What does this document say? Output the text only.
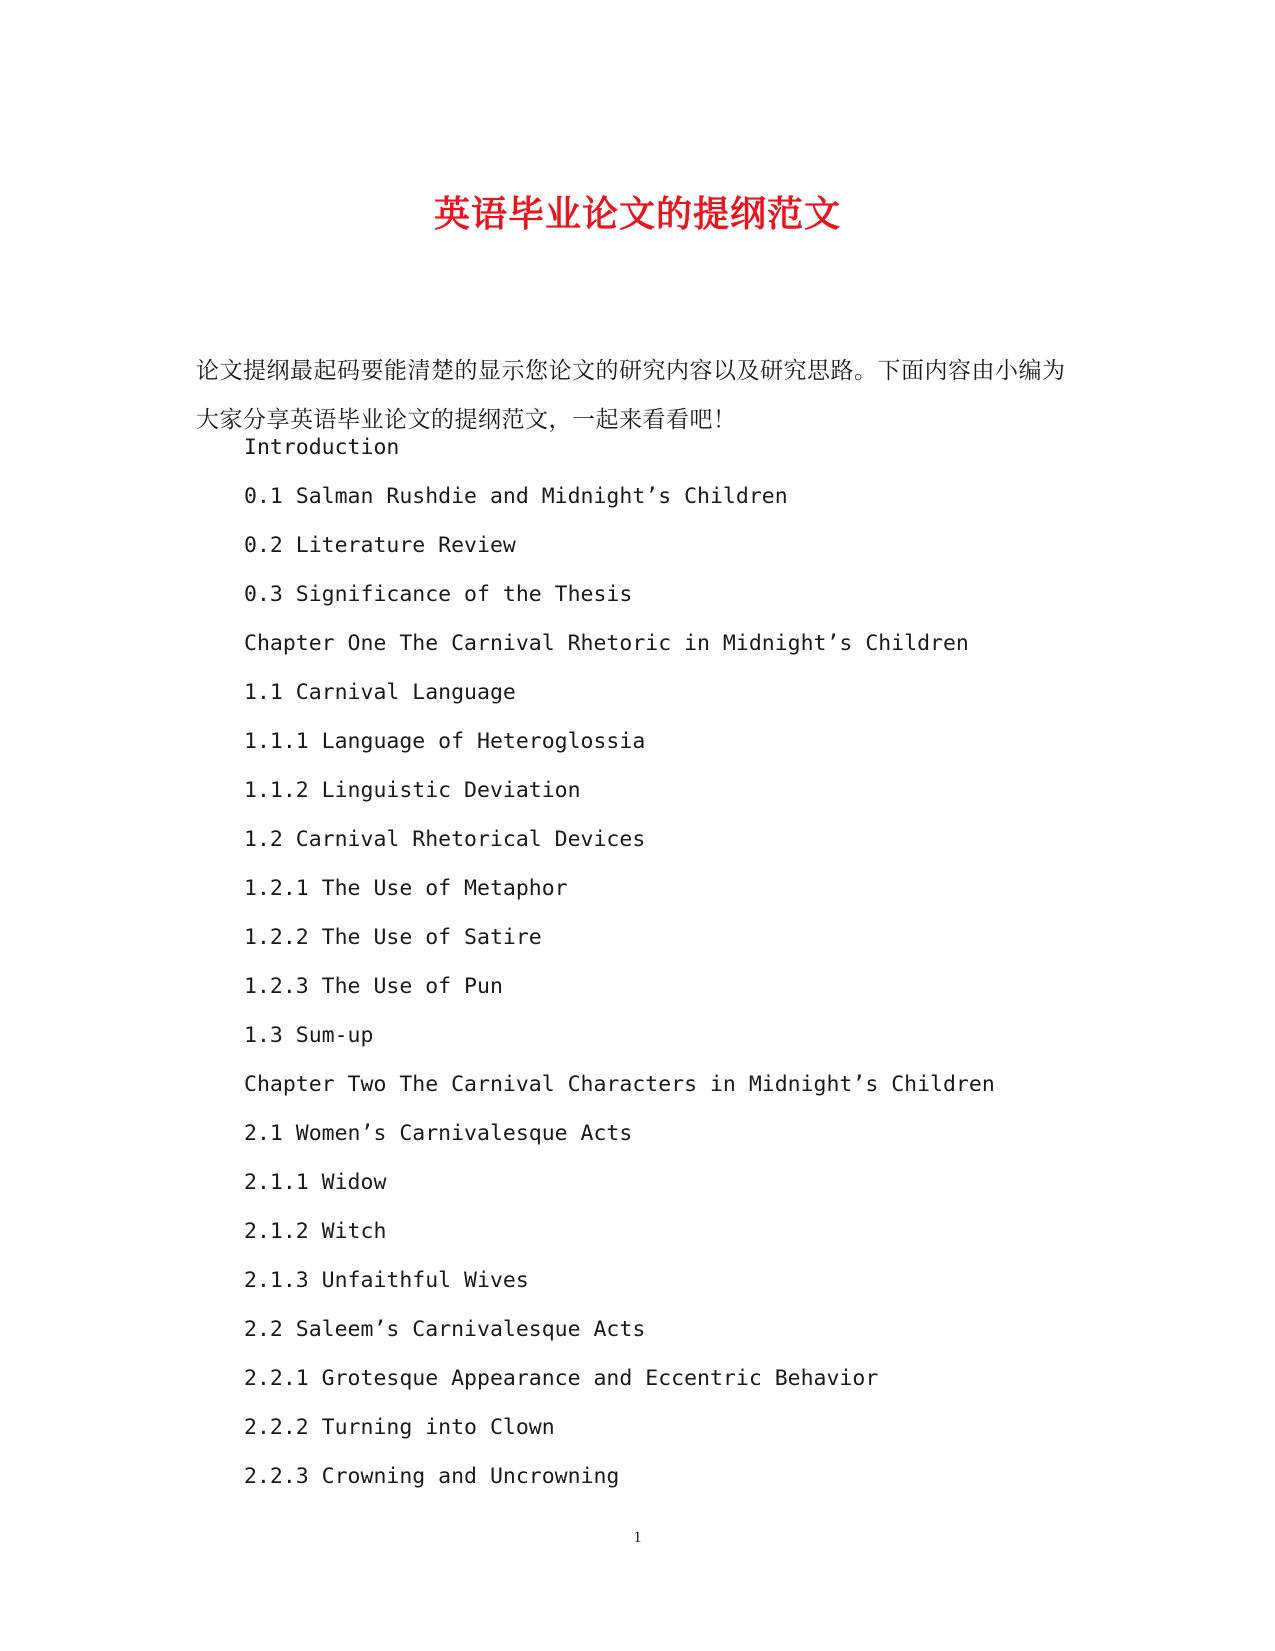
英语毕业论文的提纲范文

论文提纲最起码要能清楚的显示您论文的研究内容以及研究思路。下面内容由小编为大家分享英语毕业论文的提纲范文，一起来看看吧！

Introduction
0.1 Salman Rushdie and Midnight’s Children
0.2 Literature Review
0.3 Significance of the Thesis
Chapter One The Carnival Rhetoric in Midnight’s Children
1.1 Carnival Language
1.1.1 Language of Heteroglossia
1.1.2 Linguistic Deviation
1.2 Carnival Rhetorical Devices
1.2.1 The Use of Metaphor
1.2.2 The Use of Satire
1.2.3 The Use of Pun
1.3 Sum-up
Chapter Two The Carnival Characters in Midnight’s Children
2.1 Women’s Carnivalesque Acts
2.1.1 Widow
2.1.2 Witch
2.1.3 Unfaithful Wives
2.2 Saleem’s Carnivalesque Acts
2.2.1 Grotesque Appearance and Eccentric Behavior
2.2.2 Turning into Clown
2.2.3 Crowning and Uncrowning
1
